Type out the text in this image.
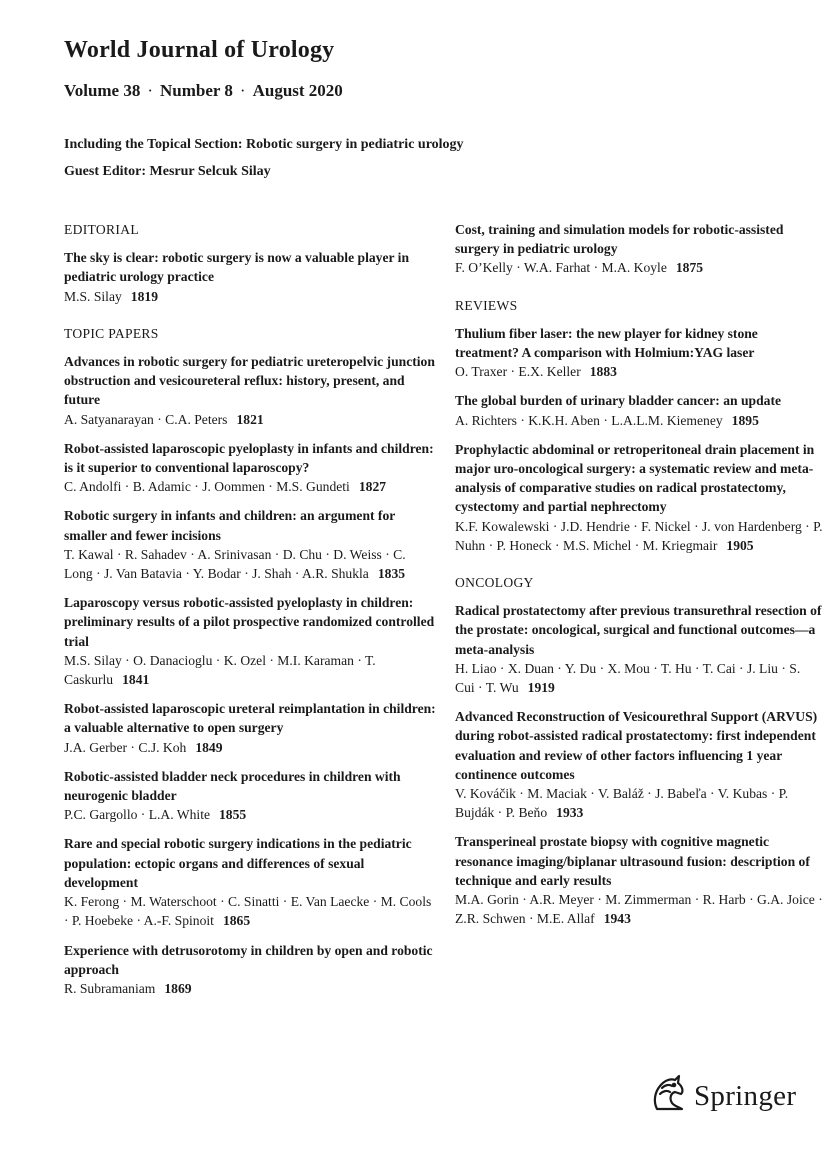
World Journal of Urology
Volume 38 · Number 8 · August 2020
Including the Topical Section: Robotic surgery in pediatric urology
Guest Editor: Mesrur Selcuk Silay
EDITORIAL
The sky is clear: robotic surgery is now a valuable player in pediatric urology practice
M.S. Silay 1819
TOPIC PAPERS
Advances in robotic surgery for pediatric ureteropelvic junction obstruction and vesicoureteral reflux: history, present, and future
A. Satyanarayan · C.A. Peters 1821
Robot-assisted laparoscopic pyeloplasty in infants and children: is it superior to conventional laparoscopy?
C. Andolfi · B. Adamic · J. Oommen · M.S. Gundeti 1827
Robotic surgery in infants and children: an argument for smaller and fewer incisions
T. Kawal · R. Sahadev · A. Srinivasan · D. Chu · D. Weiss · C. Long · J. Van Batavia · Y. Bodar · J. Shah · A.R. Shukla 1835
Laparoscopy versus robotic-assisted pyeloplasty in children: preliminary results of a pilot prospective randomized controlled trial
M.S. Silay · O. Danacioglu · K. Ozel · M.I. Karaman · T. Caskurlu 1841
Robot-assisted laparoscopic ureteral reimplantation in children: a valuable alternative to open surgery
J.A. Gerber · C.J. Koh 1849
Robotic-assisted bladder neck procedures in children with neurogenic bladder
P.C. Gargollo · L.A. White 1855
Rare and special robotic surgery indications in the pediatric population: ectopic organs and differences of sexual development
K. Ferong · M. Waterschoot · C. Sinatti · E. Van Laecke · M. Cools · P. Hoebeke · A.-F. Spinoit 1865
Experience with detrusorotomy in children by open and robotic approach
R. Subramaniam 1869
Cost, training and simulation models for robotic-assisted surgery in pediatric urology
F. O’Kelly · W.A. Farhat · M.A. Koyle 1875
REVIEWS
Thulium fiber laser: the new player for kidney stone treatment? A comparison with Holmium:YAG laser
O. Traxer · E.X. Keller 1883
The global burden of urinary bladder cancer: an update
A. Richters · K.K.H. Aben · L.A.L.M. Kiemeney 1895
Prophylactic abdominal or retroperitoneal drain placement in major uro-oncological surgery: a systematic review and meta-analysis of comparative studies on radical prostatectomy, cystectomy and partial nephrectomy
K.F. Kowalewski · J.D. Hendrie · F. Nickel · J. von Hardenberg · P. Nuhn · P. Honeck · M.S. Michel · M. Kriegmair 1905
ONCOLOGY
Radical prostatectomy after previous transurethral resection of the prostate: oncological, surgical and functional outcomes—a meta-analysis
H. Liao · X. Duan · Y. Du · X. Mou · T. Hu · T. Cai · J. Liu · S. Cui · T. Wu 1919
Advanced Reconstruction of Vesicourethral Support (ARVUS) during robot-assisted radical prostatectomy: first independent evaluation and review of other factors influencing 1 year continence outcomes
V. Kováčik · M. Maciak · V. Baláž · J. Babeľa · V. Kubas · P. Bujdák · P. Beňo 1933
Transperineal prostate biopsy with cognitive magnetic resonance imaging/biplanar ultrasound fusion: description of technique and early results
M.A. Gorin · A.R. Meyer · M. Zimmerman · R. Harb · G.A. Joice · Z.R. Schwen · M.E. Allaf 1943
Springer
